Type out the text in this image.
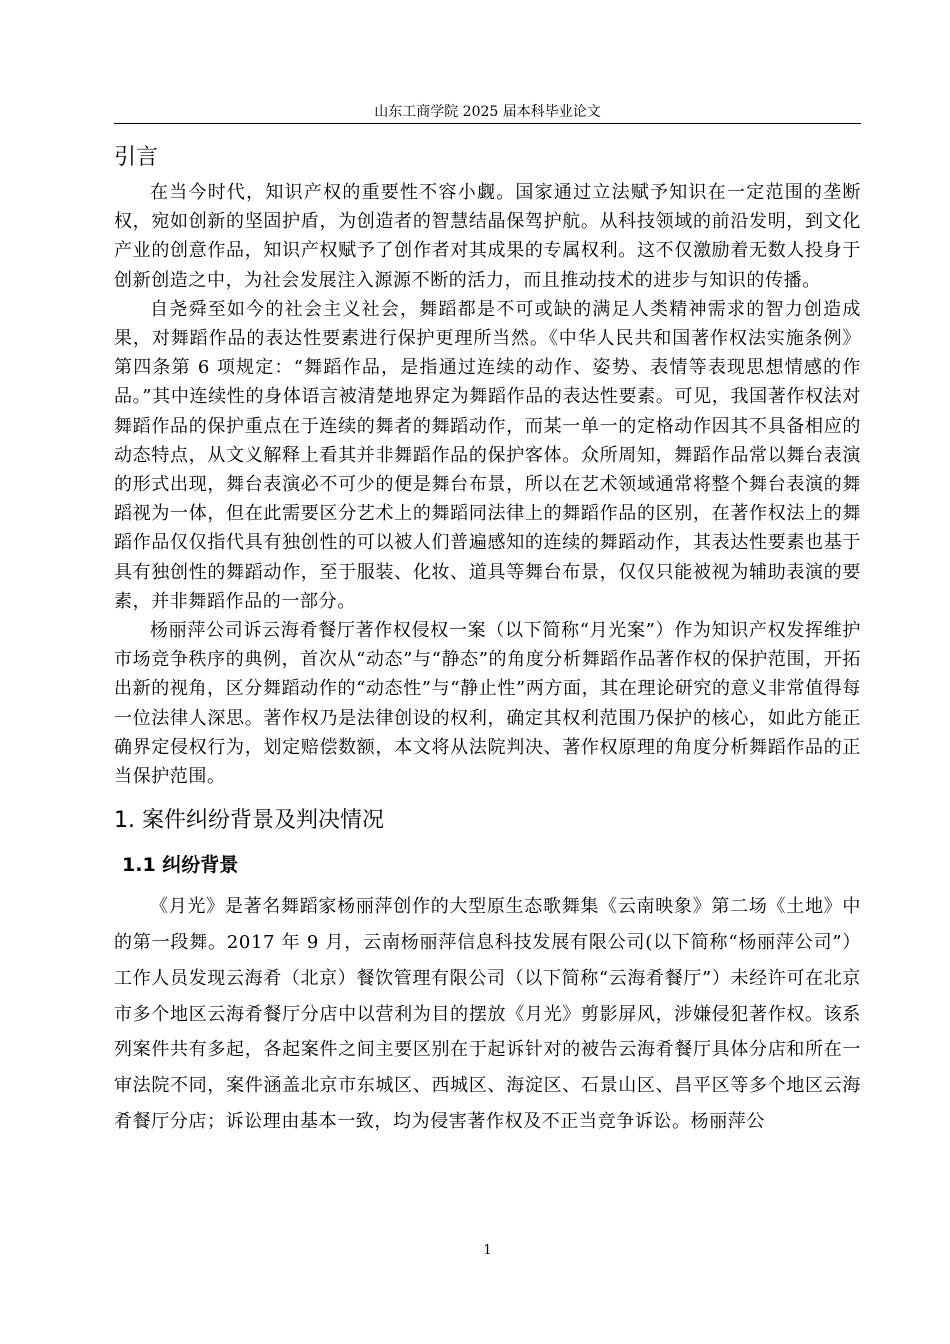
山东工商学院 2025 届本科毕业论文
引言

在当今时代，知识产权的重要性不容小觑。国家通过立法赋予知识在一定范围的垄断权，宛如创新的坚固护盾，为创造者的智慧结晶保驾护航。从科技领域的前沿发明，到文化产业的创意作品，知识产权赋予了创作者对其成果的专属权利。这不仅激励着无数人投身于创新创造之中，为社会发展注入源源不断的活力，而且推动技术的进步与知识的传播。

自尧舜至如今的社会主义社会，舞蹈都是不可或缺的满足人类精神需求的智力创造成果，对舞蹈作品的表达性要素进行保护更理所当然。《中华人民共和国著作权法实施条例》第四条第 6 项规定：“舞蹈作品，是指通过连续的动作、姿势、表情等表现思想情感的作品。”其中连续性的身体语言被清楚地界定为舞蹈作品的表达性要素。可见，我国著作权法对舞蹈作品的保护重点在于连续的舞者的舞蹈动作，而某一单一的定格动作因其不具备相应的动态特点，从文义解释上看其并非舞蹈作品的保护客体。众所周知，舞蹈作品常以舞台表演的形式出现，舞台表演必不可少的便是舞台布景，所以在艺术领域通常将整个舞台表演的舞蹈视为一体，但在此需要区分艺术上的舞蹈同法律上的舞蹈作品的区别，在著作权法上的舞蹈作品仅仅指代具有独创性的可以被人们普遍感知的连续的舞蹈动作，其表达性要素也基于具有独创性的舞蹈动作，至于服装、化妆、道具等舞台布景，仅仅只能被视为辅助表演的要素，并非舞蹈作品的一部分。

杨丽萍公司诉云海肴餐厅著作权侵权一案（以下简称“月光案”）作为知识产权发挥维护市场竞争秩序的典例，首次从“动态”与“静态”的角度分析舞蹈作品著作权的保护范围，开拓出新的视角，区分舞蹈动作的“动态性”与“静止性”两方面，其在理论研究的意义非常值得每一位法律人深思。著作权乃是法律创设的权利，确定其权利范围乃保护的核心，如此方能正确界定侵权行为，划定赔偿数额，本文将从法院判决、著作权原理的角度分析舞蹈作品的正当保护范围。

1. 案件纠纷背景及判决情况
1.1 纠纷背景

《月光》是著名舞蹈家杨丽萍创作的大型原生态歌舞集《云南映象》第二场《土地》中的第一段舞。2017 年 9 月，云南杨丽萍信息科技发展有限公司(以下简称“杨丽萍公司”）工作人员发现云海肴（北京）餐饮管理有限公司（以下简称“云海肴餐厅”）未经许可在北京市多个地区云海肴餐厅分店中以营利为目的摆放《月光》剪影屏风，涉嫌侵犯著作权。该系列案件共有多起，各起案件之间主要区别在于起诉针对的被告云海肴餐厅具体分店和所在一审法院不同，案件涵盖北京市东城区、西城区、海淀区、石景山区、昌平区等多个地区云海肴餐厅分店；诉讼理由基本一致，均为侵害著作权及不正当竞争诉讼。杨丽萍公

1
